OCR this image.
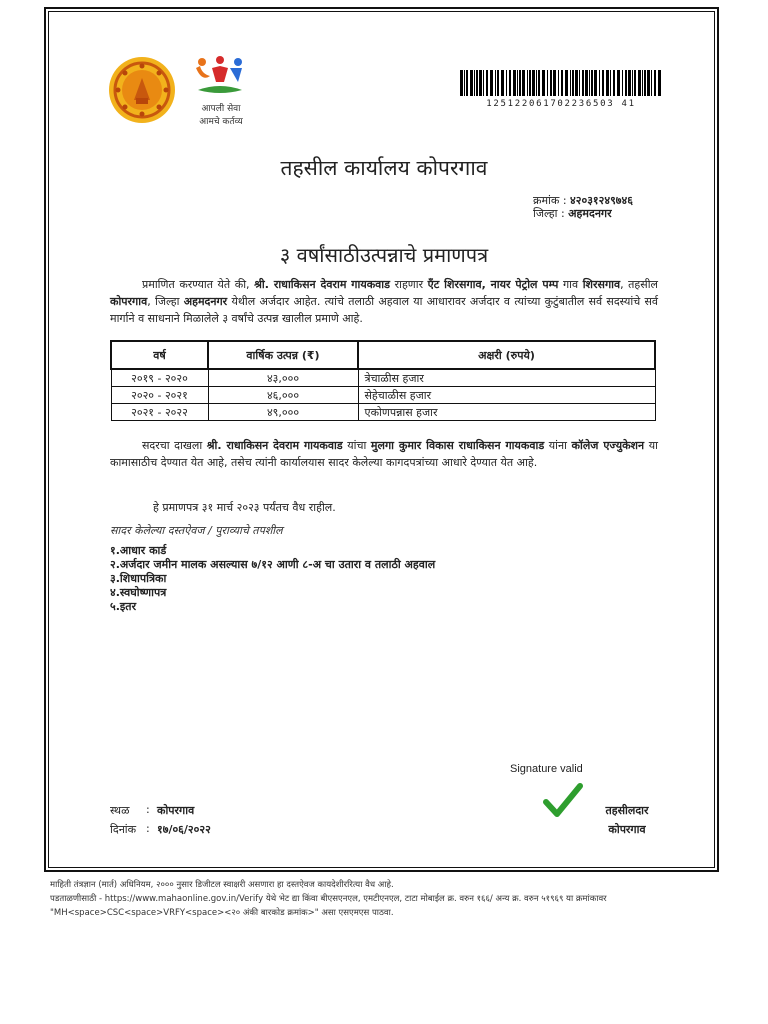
आपली सेवा
आमचे कर्तव्य
125122061702236503 41
तहसील कार्यालय कोपरगाव
क्रमांक : ४२०३१२४९७४६
जिल्हा : अहमदनगर
३ वर्षांसाठीउत्पन्नाचे प्रमाणपत्र
प्रमाणित करण्यात येते की, श्री. राधाकिसन देवराम गायकवाड राहणार एँट शिरसगाव, नायर पेट्रोल पम्प गाव शिरसगाव, तहसील कोपरगाव, जिल्हा अहमदनगर येथील अर्जदार आहेत. त्यांचे तलाठी अहवाल या आधारावर अर्जदार व त्यांच्या कुटुंबातील सर्व सदस्यांचे सर्व मार्गाने व साधनाने मिळालेले ३ वर्षांचे उत्पन्न खालील प्रमाणे आहे.
वर्ष	वार्षिक उत्पन्न (₹)	अक्षरी (रुपये)
२०१९ - २०२०	४३,०००	त्रेचाळीस हजार
२०२० - २०२१	४६,०००	सेहेचाळीस हजार
२०२१ - २०२२	४९,०००	एकोणपन्नास हजार
सदरचा दाखला श्री. राधाकिसन देवराम गायकवाड यांचा मुलगा कुमार विकास राधाकिसन गायकवाड यांना कॉलेज एज्युकेशन या कामासाठीच देण्यात येत आहे, तसेच त्यांनी कार्यालयास सादर केलेल्या कागदपत्रांच्या आधारे देण्यात येत आहे.
हे प्रमाणपत्र ३१ मार्च २०२३ पर्यंतच वैध राहील.
सादर केलेल्या दस्तऐवज / पुराव्याचे तपशील
१.आधार कार्ड
२.अर्जदार जमीन मालक असल्यास ७/१२ आणी ८-अ चा उतारा व तलाठी अहवाल
३.शिधापत्रिका
४.स्वघोष्णापत्र
५.इतर
Signature valid
स्थळ : कोपरगाव
दिनांक : १७/०६/२०२२
तहसीलदार
कोपरगाव
माहिती तंत्रज्ञान (मार्त) अधिनियम, २००० नुसार डिजीटल स्वाक्षरी असणारा हा दस्तऐवज कायदेशीररित्या वैध आहे.
पडताळणीसाठी - https://www.mahaonline.gov.in/Verify येथे भेट द्या किंवा बीएसएनएल, एमटीएनएल, टाटा मोबाईल क्र. वरुन १६६/ अन्य क्र. वरुन ५१९६९ या क्रमांकावर
"MH<space>CSC<space>VRFY<space><२० अंकी बारकोड क्रमांक>" असा एसएमएस पाठवा.
